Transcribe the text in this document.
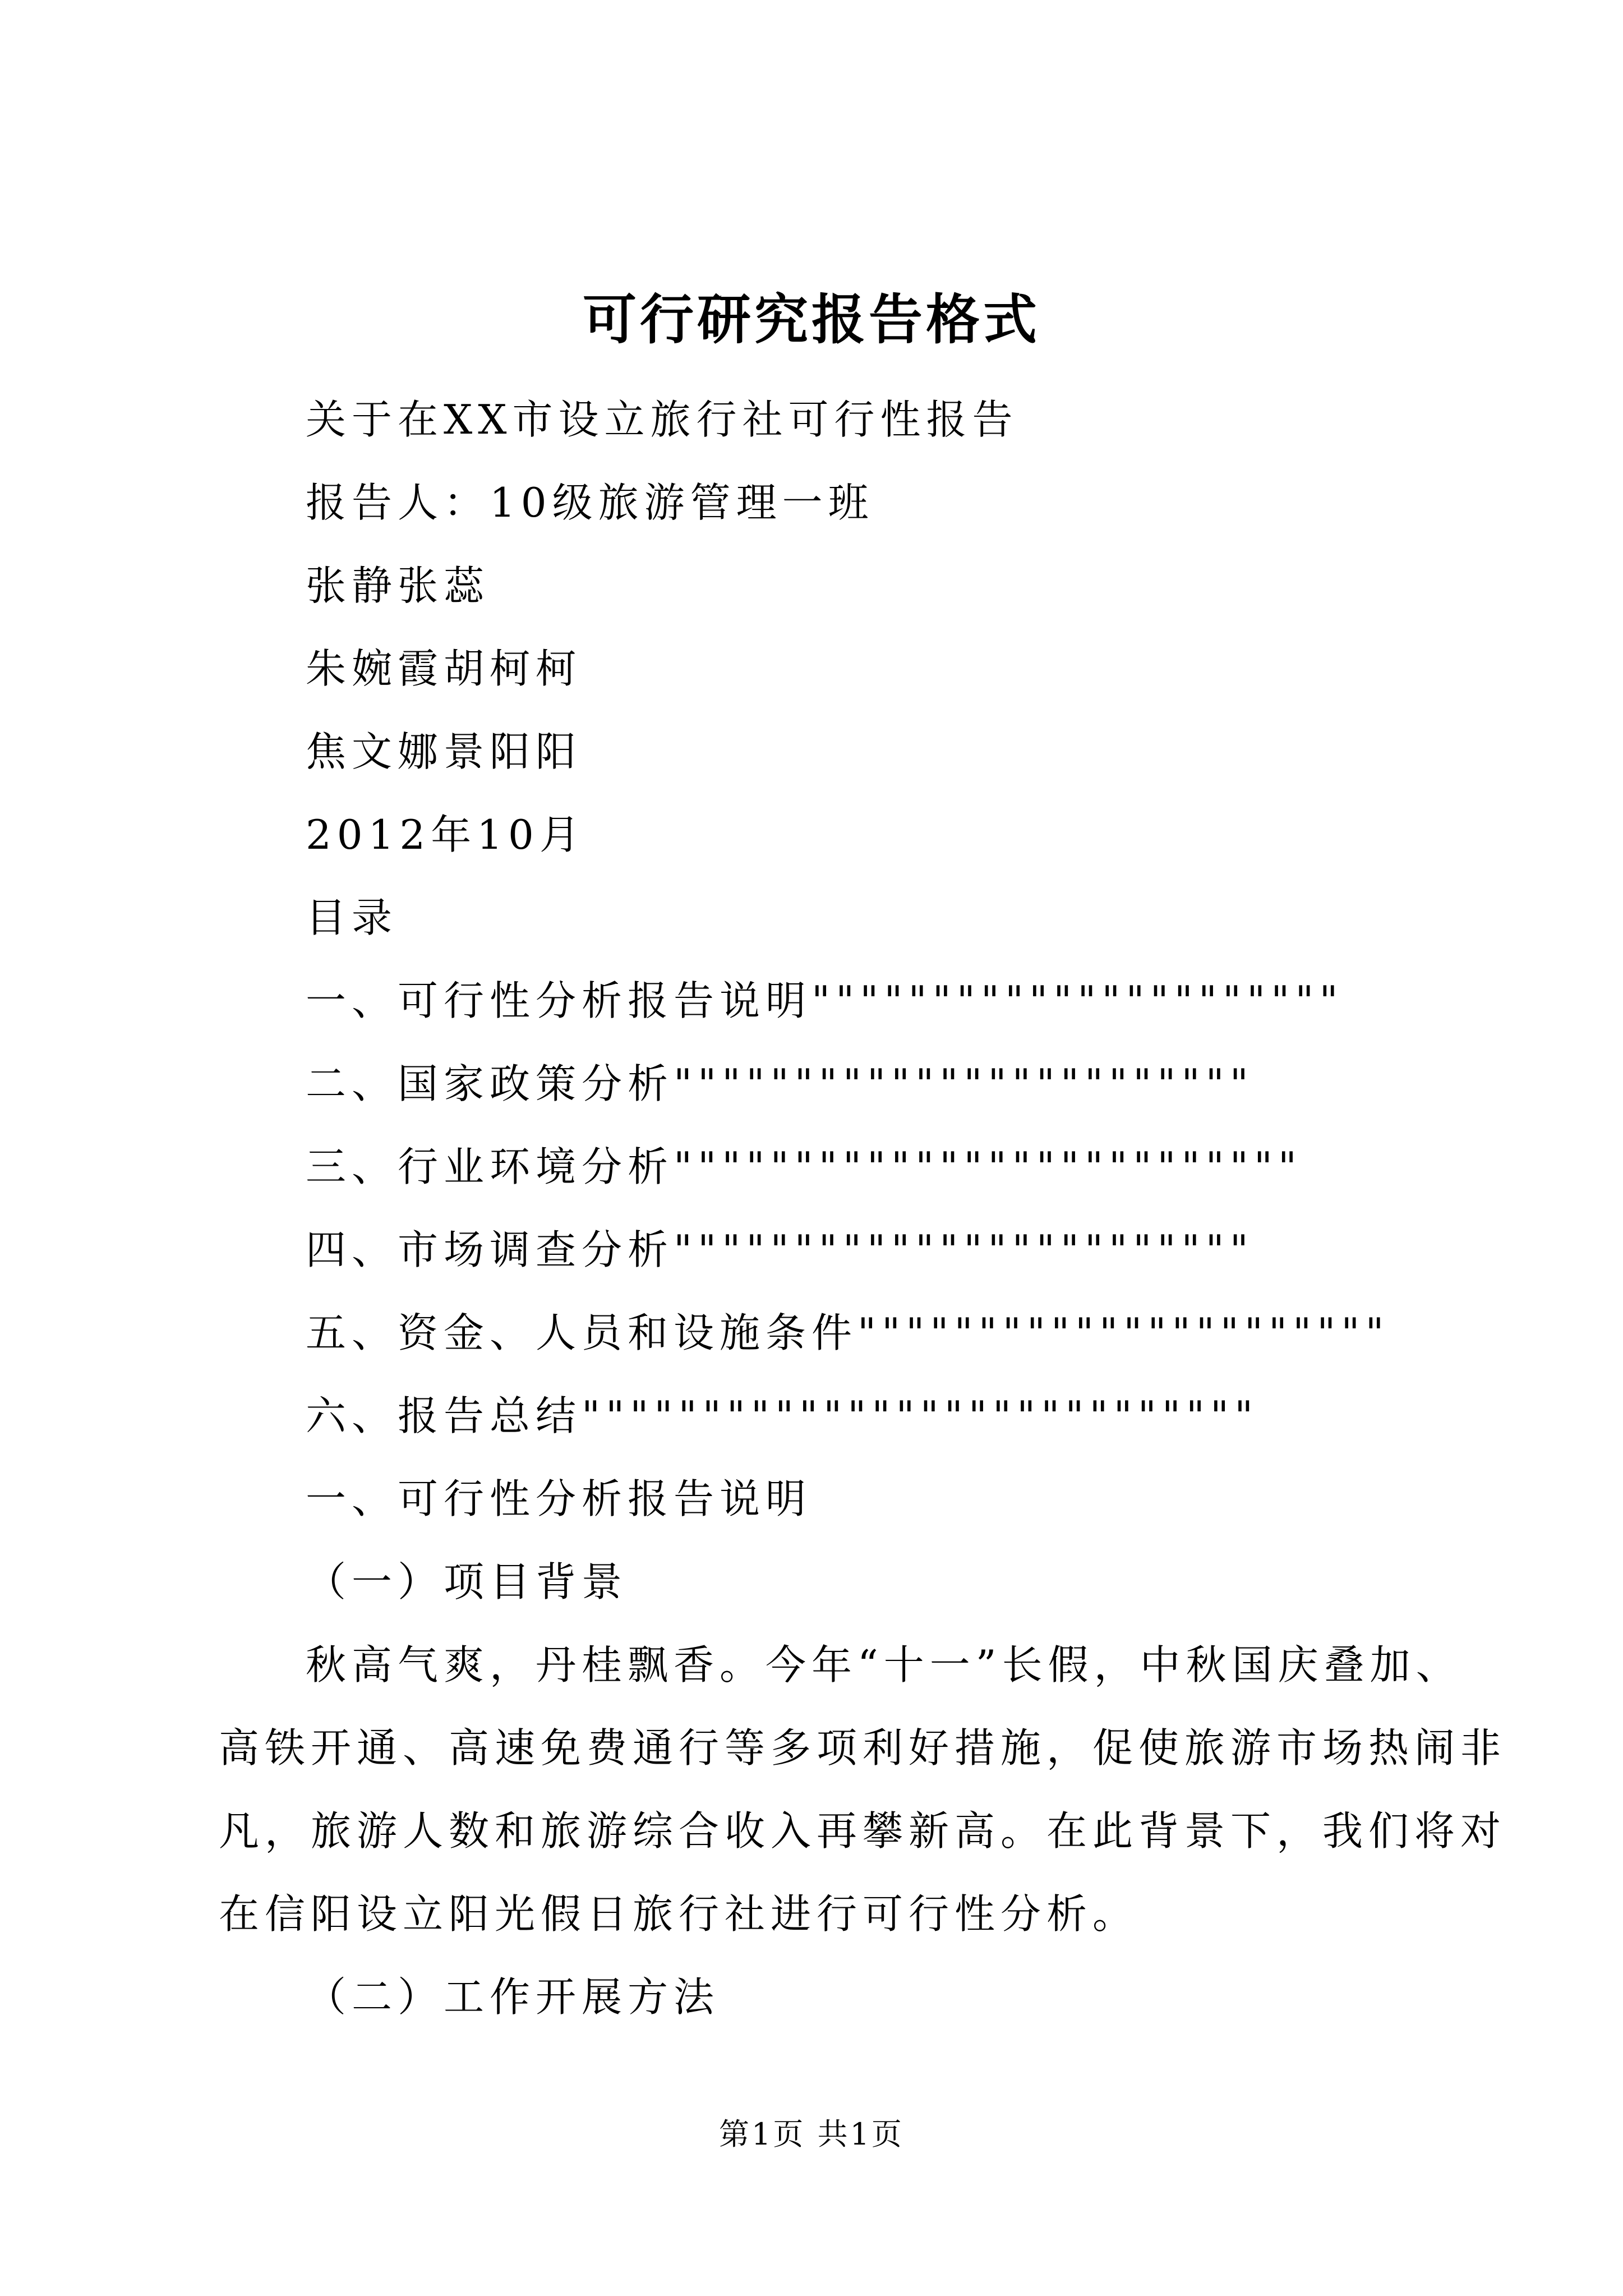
可行研究报告格式
关于在XX市设立旅行社可行性报告
报告人：10级旅游管理一班
张静张蕊
朱婉霞胡柯柯
焦文娜景阳阳
2012年10月
目录
一、可行性分析报告说明""""""""""""""""""""""
二、国家政策分析""""""""""""""""""""""""
三、行业环境分析""""""""""""""""""""""""""
四、市场调查分析""""""""""""""""""""""""
五、资金、人员和设施条件""""""""""""""""""""""
六、报告总结""""""""""""""""""""""""""""
一、可行性分析报告说明
（一）项目背景

秋高气爽，丹桂飘香。今年“十一”长假，中秋国庆叠加、

高铁开通、高速免费通行等多项利好措施，促使旅游市场热闹非

凡，旅游人数和旅游综合收入再攀新高。在此背景下，我们将对

在信阳设立阳光假日旅行社进行可行性分析。

（二）工作开展方法
第1页 共1页
